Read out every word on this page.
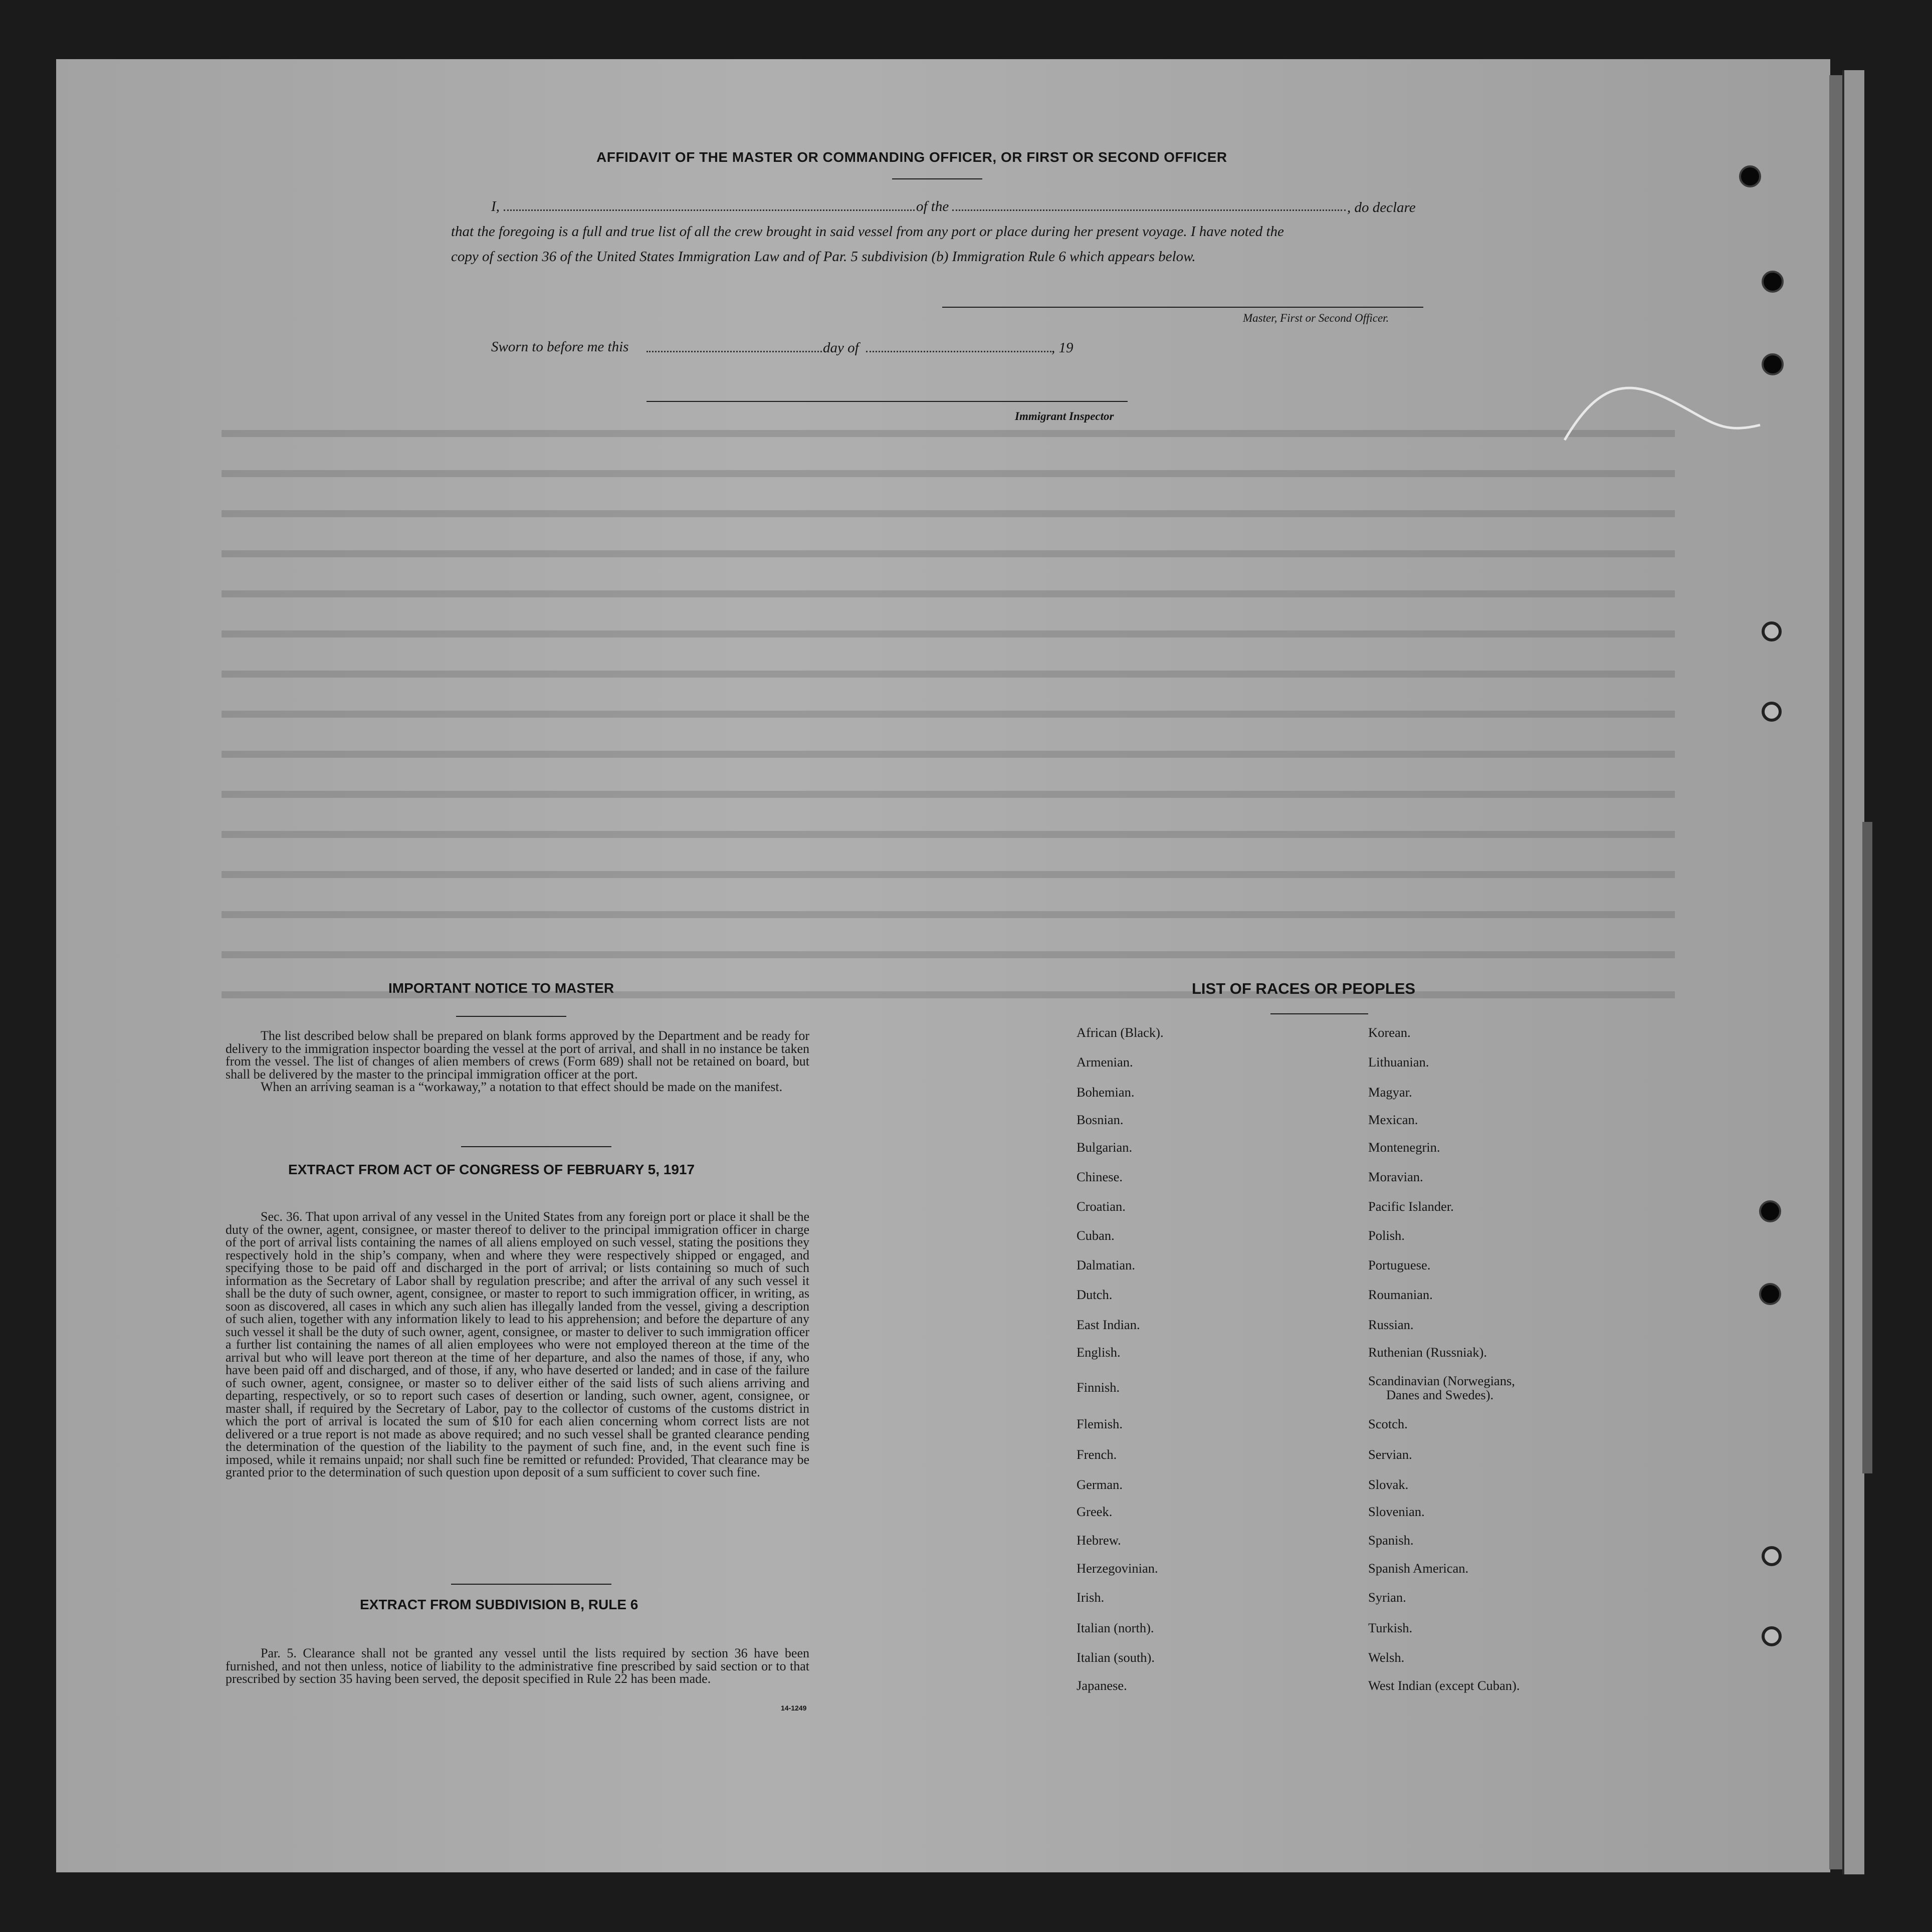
AFFIDAVIT OF THE MASTER OR COMMANDING OFFICER, OR FIRST OR SECOND OFFICER
I,	of the	, do declare
that the foregoing is a full and true list of all the crew brought in said vessel from any port or place during her present voyage. I have noted the
copy of section 36 of the United States Immigration Law and of Par. 5 subdivision (b) Immigration Rule 6 which appears below.
Master, First or Second Officer.
Sworn to before me this	day of	, 19
Immigrant Inspector
IMPORTANT NOTICE TO MASTER

The list described below shall be prepared on blank forms approved by the Department and be ready for delivery to the immigration inspector boarding the vessel at the port of arrival, and shall in no instance be taken from the vessel. The list of changes of alien members of crews (Form 689) shall not be retained on board, but shall be delivered by the master to the principal immigration officer at the port.

When an arriving seaman is a “workaway,” a notation to that effect should be made on the manifest.

EXTRACT FROM ACT OF CONGRESS OF FEBRUARY 5, 1917

Sec. 36. That upon arrival of any vessel in the United States from any foreign port or place it shall be the duty of the owner, agent, consignee, or master thereof to deliver to the principal immigration officer in charge of the port of arrival lists containing the names of all aliens employed on such vessel, stating the positions they respectively hold in the ship’s company, when and where they were respectively shipped or engaged, and specifying those to be paid off and discharged in the port of arrival; or lists containing so much of such information as the Secretary of Labor shall by regulation prescribe; and after the arrival of any such vessel it shall be the duty of such owner, agent, consignee, or master to report to such immigration officer, in writing, as soon as discovered, all cases in which any such alien has illegally landed from the vessel, giving a description of such alien, together with any information likely to lead to his apprehension; and before the departure of any such vessel it shall be the duty of such owner, agent, consignee, or master to deliver to such immigration officer a further list containing the names of all alien employees who were not employed thereon at the time of the arrival but who will leave port thereon at the time of her departure, and also the names of those, if any, who have been paid off and discharged, and of those, if any, who have deserted or landed; and in case of the failure of such owner, agent, consignee, or master so to deliver either of the said lists of such aliens arriving and departing, respectively, or so to report such cases of desertion or landing, such owner, agent, consignee, or master shall, if required by the Secretary of Labor, pay to the collector of customs of the customs district in which the port of arrival is located the sum of $10 for each alien concerning whom correct lists are not delivered or a true report is not made as above required; and no such vessel shall be granted clearance pending the determination of the question of the liability to the payment of such fine, and, in the event such fine is imposed, while it remains unpaid; nor shall such fine be remitted or refunded: Provided, That clearance may be granted prior to the determination of such question upon deposit of a sum sufficient to cover such fine.

EXTRACT FROM SUBDIVISION B, RULE 6

Par. 5. Clearance shall not be granted any vessel until the lists required by section 36 have been furnished, and not then unless, notice of liability to the administrative fine prescribed by said section or to that prescribed by section 35 having been served, the deposit specified in Rule 22 has been made.

14-1249
LIST OF RACES OR PEOPLES
African (Black).
Armenian.
Bohemian.
Bosnian.
Bulgarian.
Chinese.
Croatian.
Cuban.
Dalmatian.
Dutch.
East Indian.
English.
Finnish.
Flemish.
French.
German.
Greek.
Hebrew.
Herzegovinian.
Irish.
Italian (north).
Italian (south).
Japanese.
Korean.
Lithuanian.
Magyar.
Mexican.
Montenegrin.
Moravian.
Pacific Islander.
Polish.
Portuguese.
Roumanian.
Russian.
Ruthenian (Russniak).
Scandinavian (Norwegians,
Danes and Swedes).
Scotch.
Servian.
Slovak.
Slovenian.
Spanish.
Spanish American.
Syrian.
Turkish.
Welsh.
West Indian (except Cuban).
